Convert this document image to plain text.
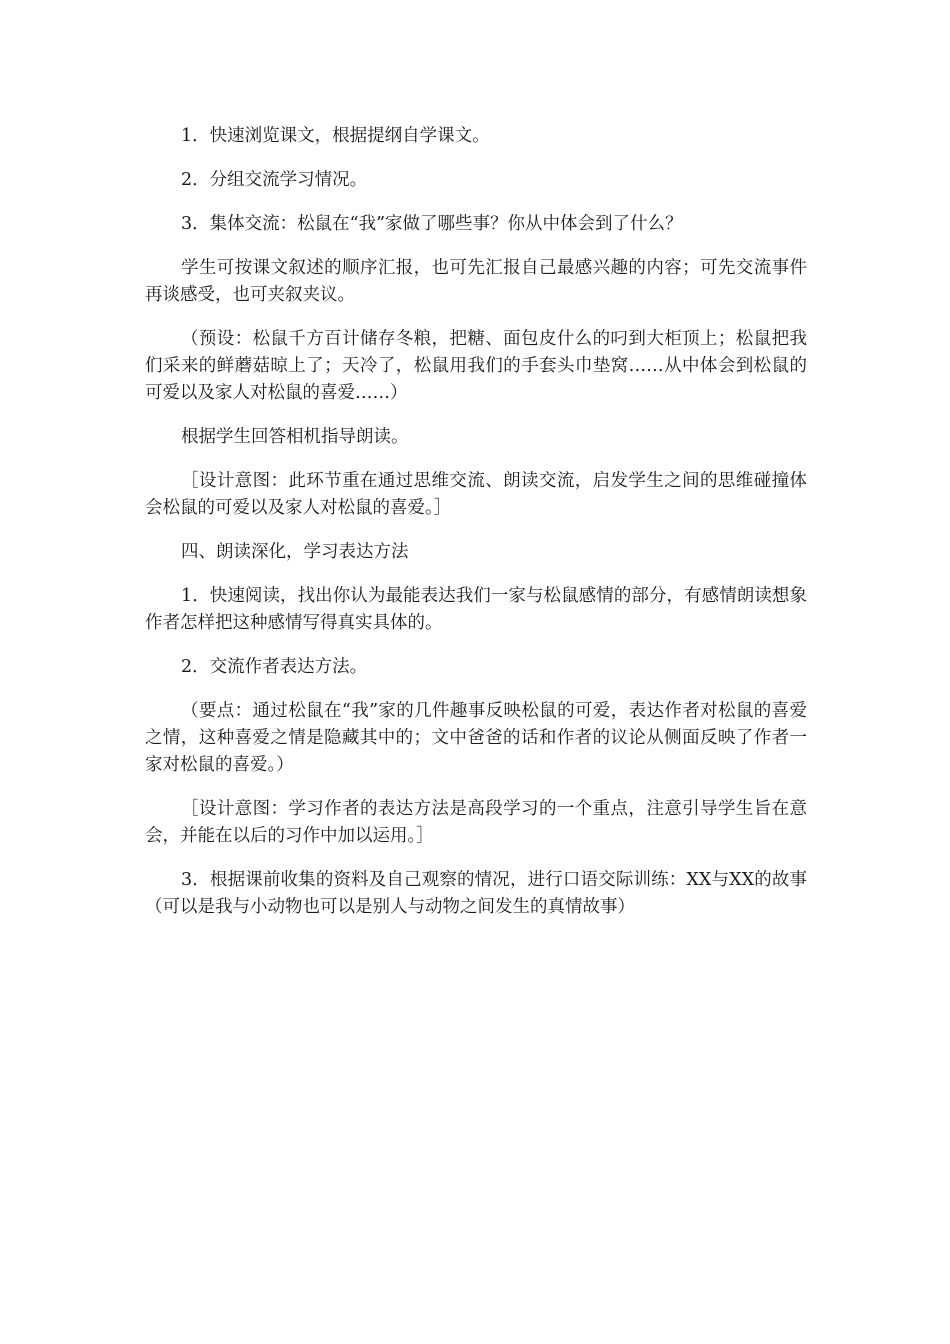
1．快速浏览课文，根据提纲自学课文。

2．分组交流学习情况。

3．集体交流：松鼠在“我”家做了哪些事？你从中体会到了什么？

学生可按课文叙述的顺序汇报，也可先汇报自己最感兴趣的内容；可先交流事件再谈感受，也可夹叙夹议。

（预设：松鼠千方百计储存冬粮，把糖、面包皮什么的叼到大柜顶上；松鼠把我们采来的鲜蘑菇晾上了；天冷了，松鼠用我们的手套头巾垫窝……从中体会到松鼠的可爱以及家人对松鼠的喜爱……）

根据学生回答相机指导朗读。

［设计意图：此环节重在通过思维交流、朗读交流，启发学生之间的思维碰撞体会松鼠的可爱以及家人对松鼠的喜爱。］

四、朗读深化，学习表达方法

1．快速阅读，找出你认为最能表达我们一家与松鼠感情的部分，有感情朗读想象作者怎样把这种感情写得真实具体的。

2．交流作者表达方法。

（要点：通过松鼠在“我”家的几件趣事反映松鼠的可爱，表达作者对松鼠的喜爱之情，这种喜爱之情是隐藏其中的；文中爸爸的话和作者的议论从侧面反映了作者一家对松鼠的喜爱。）

［设计意图：学习作者的表达方法是高段学习的一个重点，注意引导学生旨在意会，并能在以后的习作中加以运用。］

3．根据课前收集的资料及自己观察的情况，进行口语交际训练：XX与XX的故事（可以是我与小动物也可以是别人与动物之间发生的真情故事）
